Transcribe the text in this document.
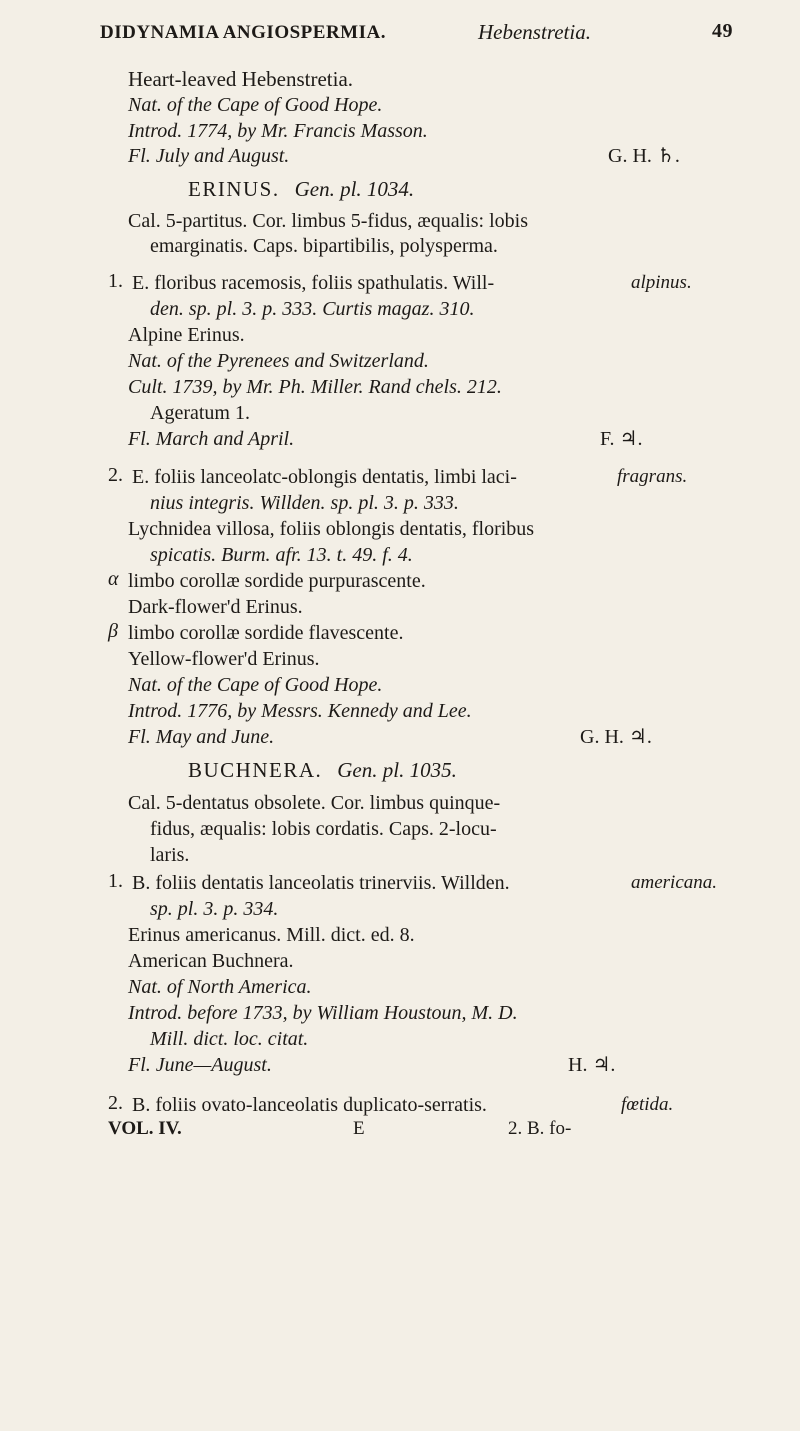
DIDYNAMIA ANGIOSPERMIA.	Hebenstretia.	49
Heart-leaved Hebenstretia.
Nat. of the Cape of Good Hope.
Introd. 1774, by Mr. Francis Masson.
Fl. July and August.	G. H. ♄.
ERINUS. Gen. pl. 1034.
Cal. 5-partitus. Cor. limbus 5-fidus, æqualis: lobis
emarginatis. Caps. bipartibilis, polysperma.
1. E. floribus racemosis, foliis spathulatis. Will-	alpinus.
den. sp. pl. 3. p. 333. Curtis magaz. 310.
Alpine Erinus.
Nat. of the Pyrenees and Switzerland.
Cult. 1739, by Mr. Ph. Miller. Rand chels. 212.
Ageratum 1.
Fl. March and April.	F. ♃.
2. E. foliis lanceolatc-oblongis dentatis, limbi laci-	fragrans.
nius integris. Willden. sp. pl. 3. p. 333.
Lychnidea villosa, foliis oblongis dentatis, floribus
spicatis. Burm. afr. 13. t. 49. f. 4.
α limbo corollæ sordide purpurascente.
Dark-flower'd Erinus.
β limbo corollæ sordide flavescente.
Yellow-flower'd Erinus.
Nat. of the Cape of Good Hope.
Introd. 1776, by Messrs. Kennedy and Lee.
Fl. May and June.	G. H. ♃.
BUCHNERA. Gen. pl. 1035.
Cal. 5-dentatus obsolete. Cor. limbus quinque-
fidus, æqualis: lobis cordatis. Caps. 2-locu-
laris.
1. B. foliis dentatis lanceolatis trinerviis. Willden.	americana.
sp. pl. 3. p. 334.
Erinus americanus. Mill. dict. ed. 8.
American Buchnera.
Nat. of North America.
Introd. before 1733, by William Houstoun, M. D.
Mill. dict. loc. citat.
Fl. June—August.	H. ♃.
2. B. foliis ovato-lanceolatis duplicato-serratis.	fœtida.
VOL. IV.	E	2. B. fo-
